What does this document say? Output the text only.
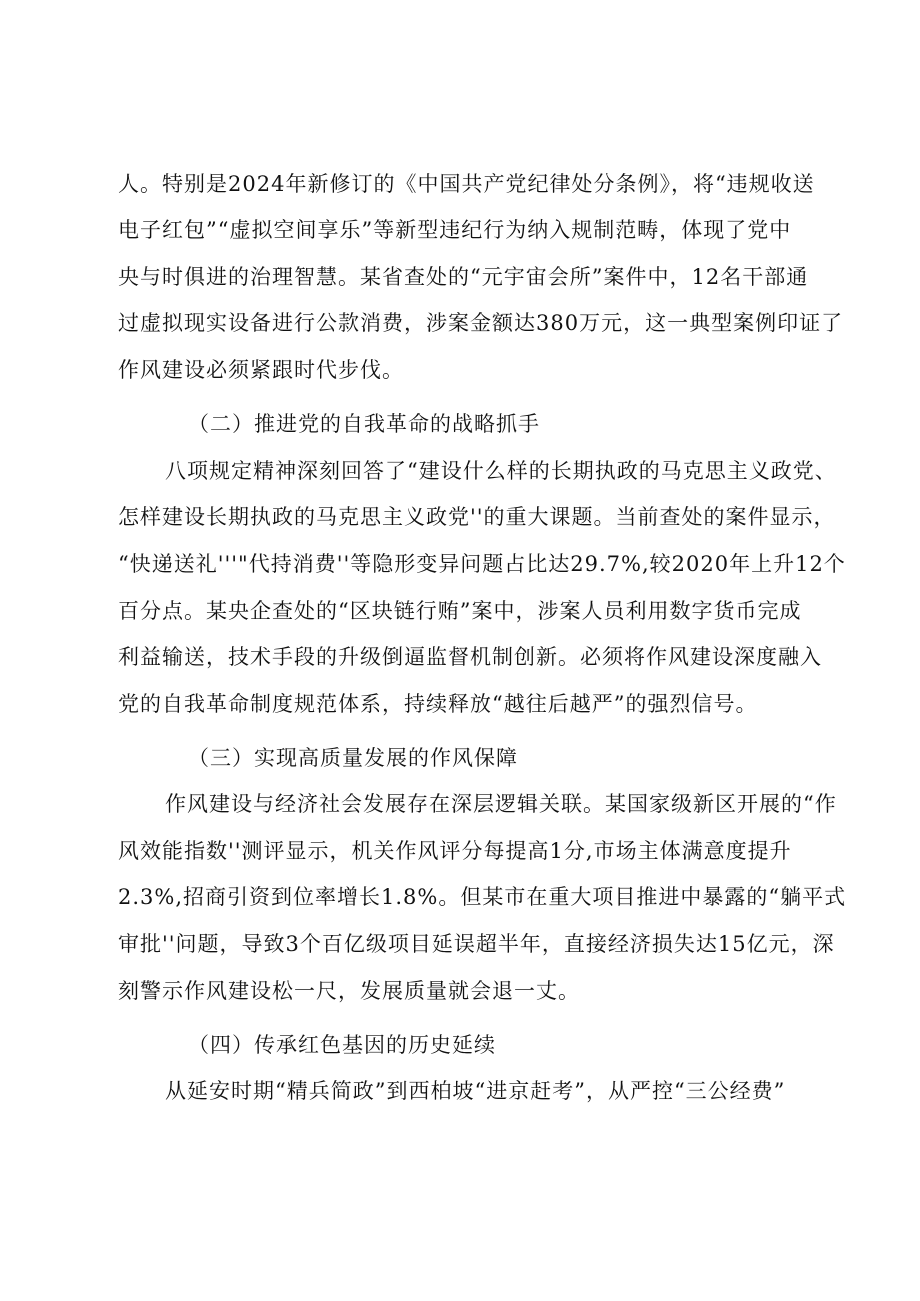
人。特别是2024年新修订的《中国共产党纪律处分条例》，将“违规收送
电子红包”“虚拟空间享乐”等新型违纪行为纳入规制范畴，体现了党中
央与时俱进的治理智慧。某省查处的“元宇宙会所”案件中，12名干部通
过虚拟现实设备进行公款消费，涉案金额达380万元，这一典型案例印证了
作风建设必须紧跟时代步伐。
（二）推进党的自我革命的战略抓手
八项规定精神深刻回答了“建设什么样的长期执政的马克思主义政党、
怎样建设长期执政的马克思主义政党''的重大课题。当前查处的案件显示，
“快递送礼'''"代持消费''等隐形变异问题占比达29.7%,较2020年上升12个
百分点。某央企查处的“区块链行贿”案中，涉案人员利用数字货币完成
利益输送，技术手段的升级倒逼监督机制创新。必须将作风建设深度融入
党的自我革命制度规范体系，持续释放“越往后越严”的强烈信号。
（三）实现高质量发展的作风保障
作风建设与经济社会发展存在深层逻辑关联。某国家级新区开展的“作
风效能指数''测评显示，机关作风评分每提高1分,市场主体满意度提升
2.3%,招商引资到位率增长1.8%。但某市在重大项目推进中暴露的“躺平式
审批''问题，导致3个百亿级项目延误超半年，直接经济损失达15亿元，深
刻警示作风建设松一尺，发展质量就会退一丈。
（四）传承红色基因的历史延续
从延安时期“精兵简政”到西柏坡“进京赶考”，从严控“三公经费”
